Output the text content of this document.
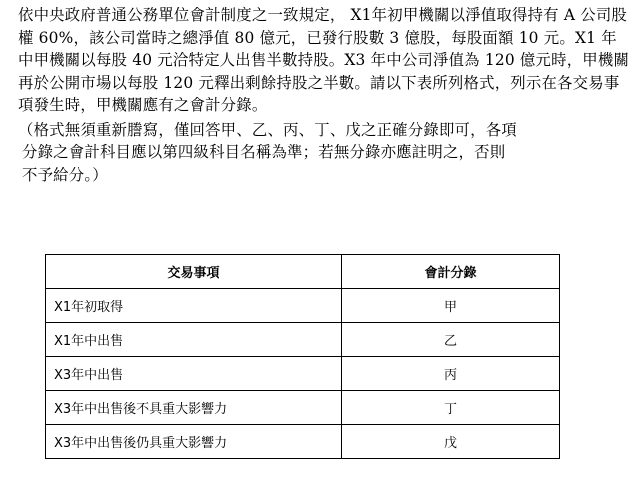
依中央政府普通公務單位會計制度之一致規定， X1年初甲機關以淨值取得持有 A 公司股權 60%，該公司當時之總淨值 80 億元，已發行股數 3 億股，每股面額 10 元。X1 年中甲機關以每股 40 元洽特定人出售半數持股。X3 年中公司淨值為 120 億元時，甲機關再於公開市場以每股 120 元釋出剩餘持股之半數。請以下表所列格式，列示在各交易事項發生時，甲機關應有之會計分錄。

（格式無須重新謄寫，僅回答甲、乙、丙、丁、戊之正確分錄即可，各項
分錄之會計科目應以第四級科目名稱為準；若無分錄亦應註明之，否則
不予給分。）

交易事項	會計分錄
X1年初取得	甲
X1年中出售	乙
X3年中出售	丙
X3年中出售後不具重大影響力	丁
X3年中出售後仍具重大影響力	戊
